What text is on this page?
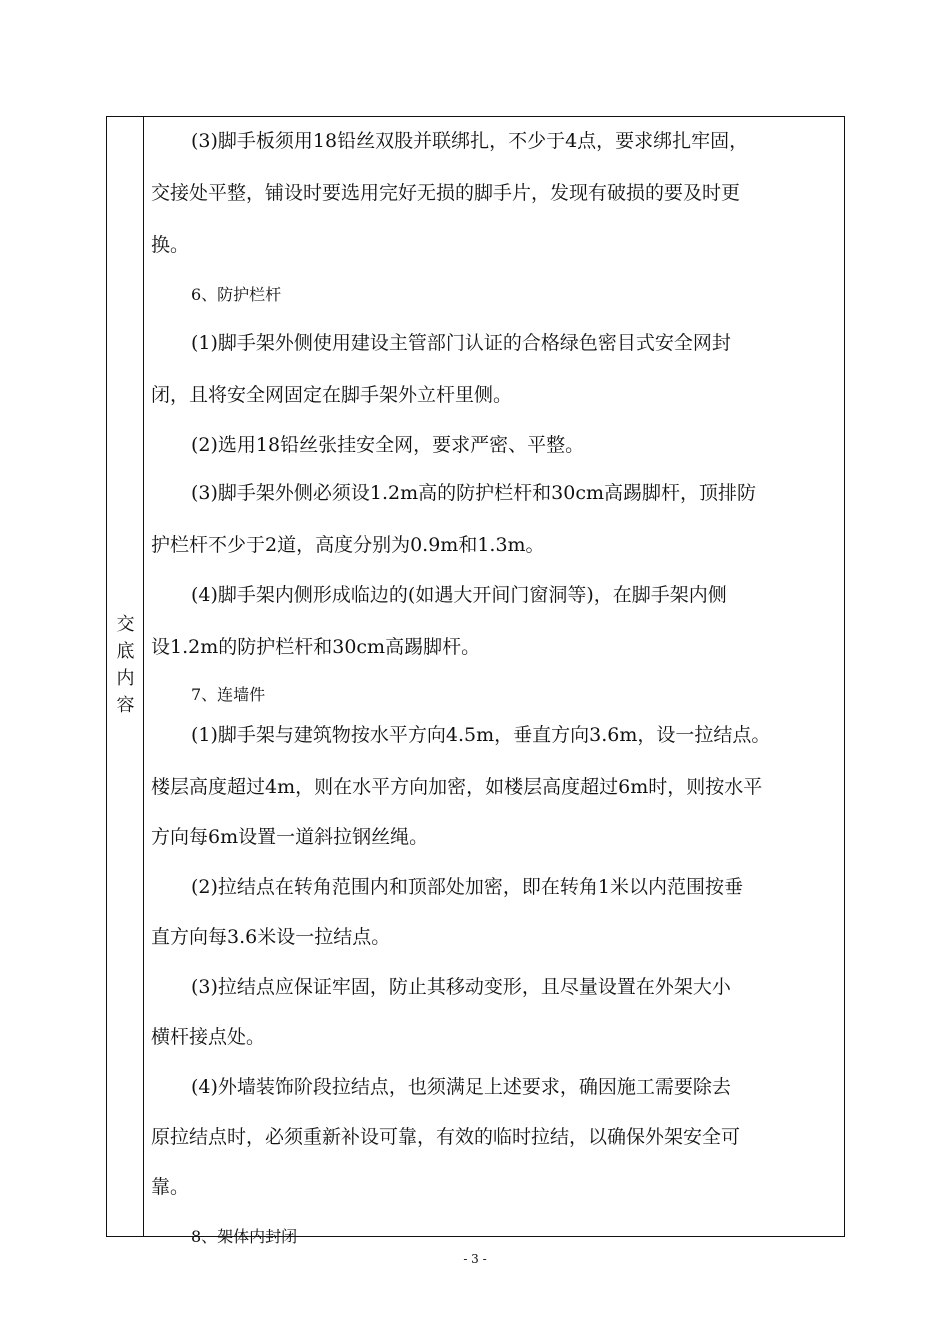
交
底
内
容
(3)脚手板须用18铅丝双股并联绑扎，不少于4点，要求绑扎牢固，
交接处平整，铺设时要选用完好无损的脚手片，发现有破损的要及时更
换。
6、防护栏杆
(1)脚手架外侧使用建设主管部门认证的合格绿色密目式安全网封
闭，且将安全网固定在脚手架外立杆里侧。
(2)选用18铅丝张挂安全网，要求严密、平整。
(3)脚手架外侧必须设1.2m高的防护栏杆和30cm高踢脚杆，顶排防
护栏杆不少于2道，高度分别为0.9m和1.3m。
(4)脚手架内侧形成临边的(如遇大开间门窗洞等)，在脚手架内侧
设1.2m的防护栏杆和30cm高踢脚杆。
7、连墙件
(1)脚手架与建筑物按水平方向4.5m，垂直方向3.6m，设一拉结点。
楼层高度超过4m，则在水平方向加密，如楼层高度超过6m时，则按水平
方向每6m设置一道斜拉钢丝绳。
(2)拉结点在转角范围内和顶部处加密，即在转角1米以内范围按垂
直方向每3.6米设一拉结点。
(3)拉结点应保证牢固，防止其移动变形，且尽量设置在外架大小
横杆接点处。
(4)外墙装饰阶段拉结点，也须满足上述要求，确因施工需要除去
原拉结点时，必须重新补设可靠，有效的临时拉结，以确保外架安全可
靠。
8、架体内封闭
- 3 -
